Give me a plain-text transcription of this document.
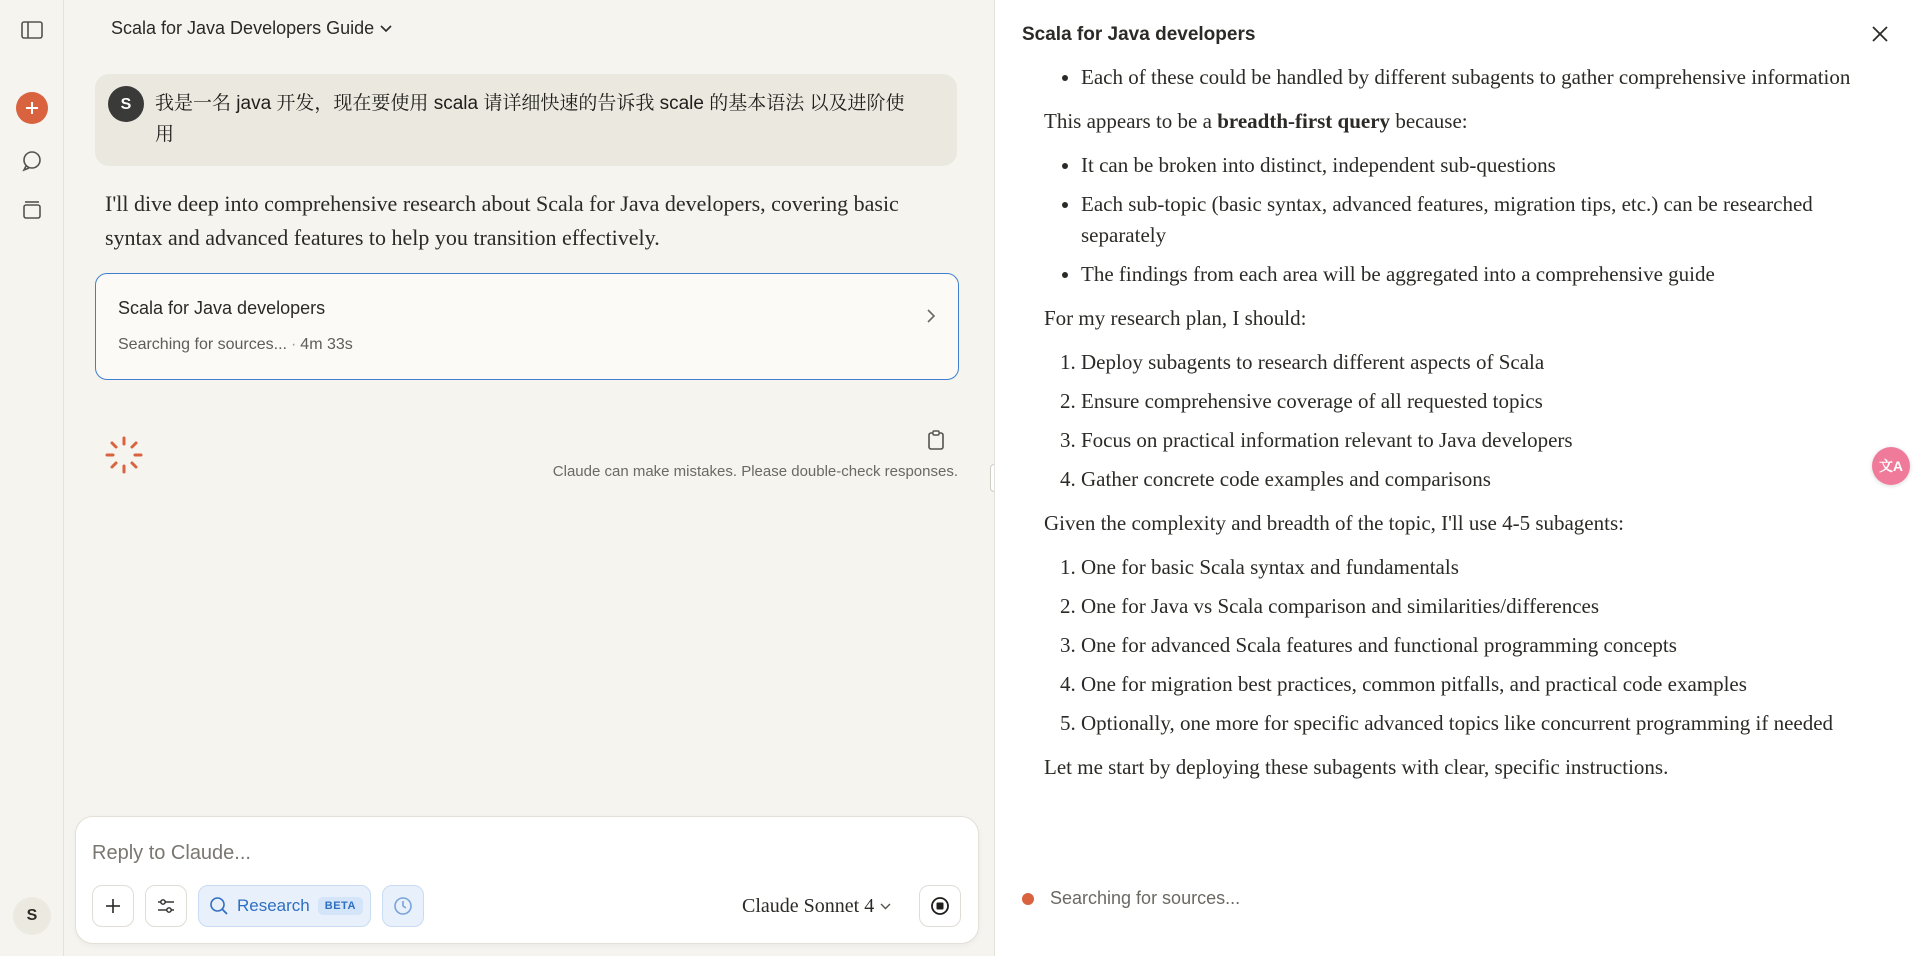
S
Scala for Java Developers Guide
S	我是一名 java 开发，现在要使用 scala 请详细快速的告诉我 scale 的基本语法 以及进阶使用
I'll dive deep into comprehensive research about Scala for Java developers, covering basic syntax and advanced features to help you transition effectively.
Scala for Java developers
Searching for sources... · 4m 33s
Claude can make mistakes. Please double-check responses.
Reply to Claude...
Research	BETA	Claude Sonnet 4
Scala for Java developers
• Each of these could be handled by different subagents to gather comprehensive information

This appears to be a breadth-first query because:

• It can be broken into distinct, independent sub-questions
• Each sub-topic (basic syntax, advanced features, migration tips, etc.) can be researched separately
• The findings from each area will be aggregated into a comprehensive guide

For my research plan, I should:

1. Deploy subagents to research different aspects of Scala
2. Ensure comprehensive coverage of all requested topics
3. Focus on practical information relevant to Java developers
4. Gather concrete code examples and comparisons

Given the complexity and breadth of the topic, I'll use 4-5 subagents:

1. One for basic Scala syntax and fundamentals
2. One for Java vs Scala comparison and similarities/differences
3. One for advanced Scala features and functional programming concepts
4. One for migration best practices, common pitfalls, and practical code examples
5. Optionally, one more for specific advanced topics like concurrent programming if needed

Let me start by deploying these subagents with clear, specific instructions.

Searching for sources...
文A
